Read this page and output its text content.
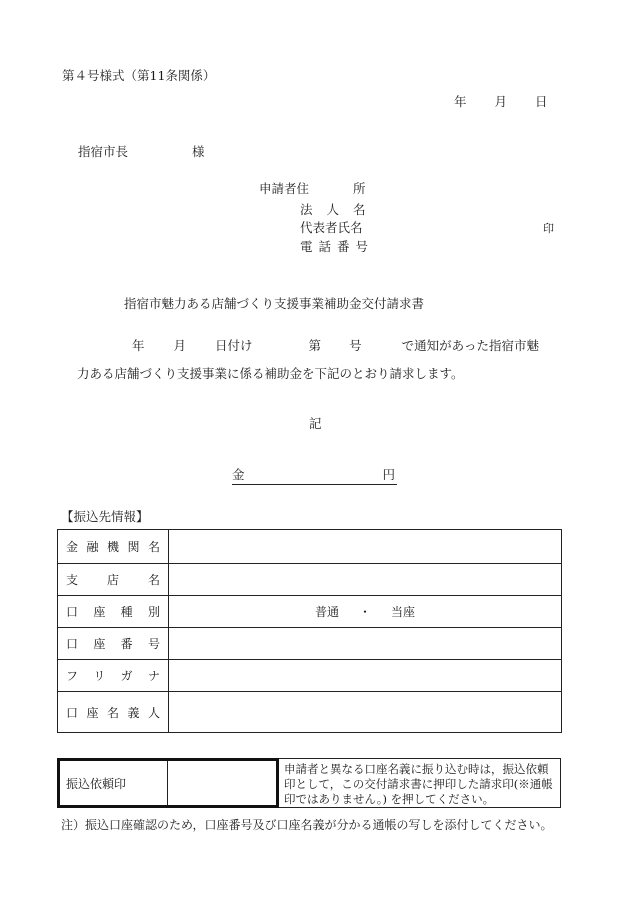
第４号様式（第11条関係）
年 月 日
指宿市長	様
申請者住	所
法 人 名
代表者氏名	印
電 話 番 号
指宿市魅力ある店舗づくり支援事業補助金交付請求書
年 月 日付け	第 号	で通知があった指宿市魅
力ある店舗づくり支援事業に係る補助金を下記のとおり請求します。
記
金	円
【振込先情報】
金 融 機 関 名	

支 店 名	

口 座 種 別	普通 ・ 当座

口 座 番 号	

フ リ ガ ナ	

口 座 名 義 人	

振込依頼印
申請者と異なる口座名義に振り込む時は，振込依頼印として，この交付請求書に押印した請求印(※通帳印ではありません。) を押してください。
注）振込口座確認のため，口座番号及び口座名義が分かる通帳の写しを添付してください。
